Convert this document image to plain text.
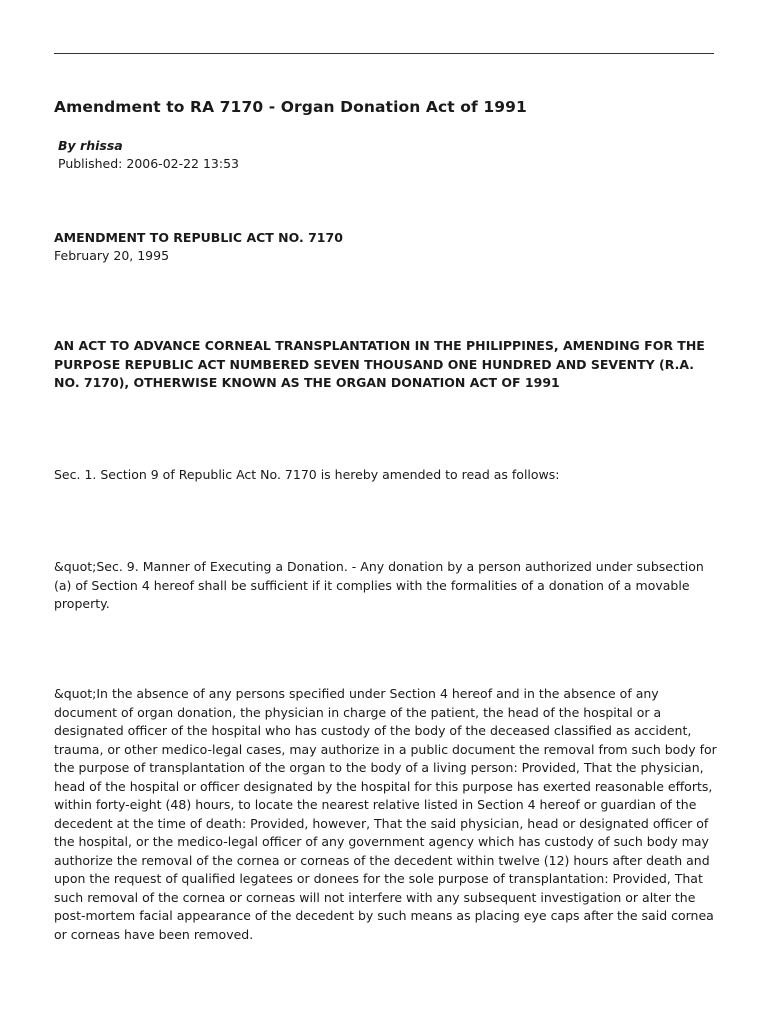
Amendment to RA 7170 - Organ Donation Act of 1991
By rhissa
Published: 2006-02-22 13:53
AMENDMENT TO REPUBLIC ACT NO. 7170
February 20, 1995

AN ACT TO ADVANCE CORNEAL TRANSPLANTATION IN THE PHILIPPINES, AMENDING FOR THE PURPOSE REPUBLIC ACT NUMBERED SEVEN THOUSAND ONE HUNDRED AND SEVENTY (R.A. NO. 7170), OTHERWISE KNOWN AS THE ORGAN DONATION ACT OF 1991

Sec. 1. Section 9 of Republic Act No. 7170 is hereby amended to read as follows:

&quot;Sec. 9. Manner of Executing a Donation. - Any donation by a person authorized under subsection (a) of Section 4 hereof shall be sufficient if it complies with the formalities of a donation of a movable property.

&quot;In the absence of any persons specified under Section 4 hereof and in the absence of any document of organ donation, the physician in charge of the patient, the head of the hospital or a designated officer of the hospital who has custody of the body of the deceased classified as accident, trauma, or other medico-legal cases, may authorize in a public document the removal from such body for the purpose of transplantation of the organ to the body of a living person: Provided, That the physician, head of the hospital or officer designated by the hospital for this purpose has exerted reasonable efforts, within forty-eight (48) hours, to locate the nearest relative listed in Section 4 hereof or guardian of the decedent at the time of death: Provided, however, That the said physician, head or designated officer of the hospital, or the medico-legal officer of any government agency which has custody of such body may authorize the removal of the cornea or corneas of the decedent within twelve (12) hours after death and upon the request of qualified legatees or donees for the sole purpose of transplantation: Provided, That such removal of the cornea or corneas will not interfere with any subsequent investigation or alter the post-mortem facial appearance of the decedent by such means as placing eye caps after the said cornea or corneas have been removed.
